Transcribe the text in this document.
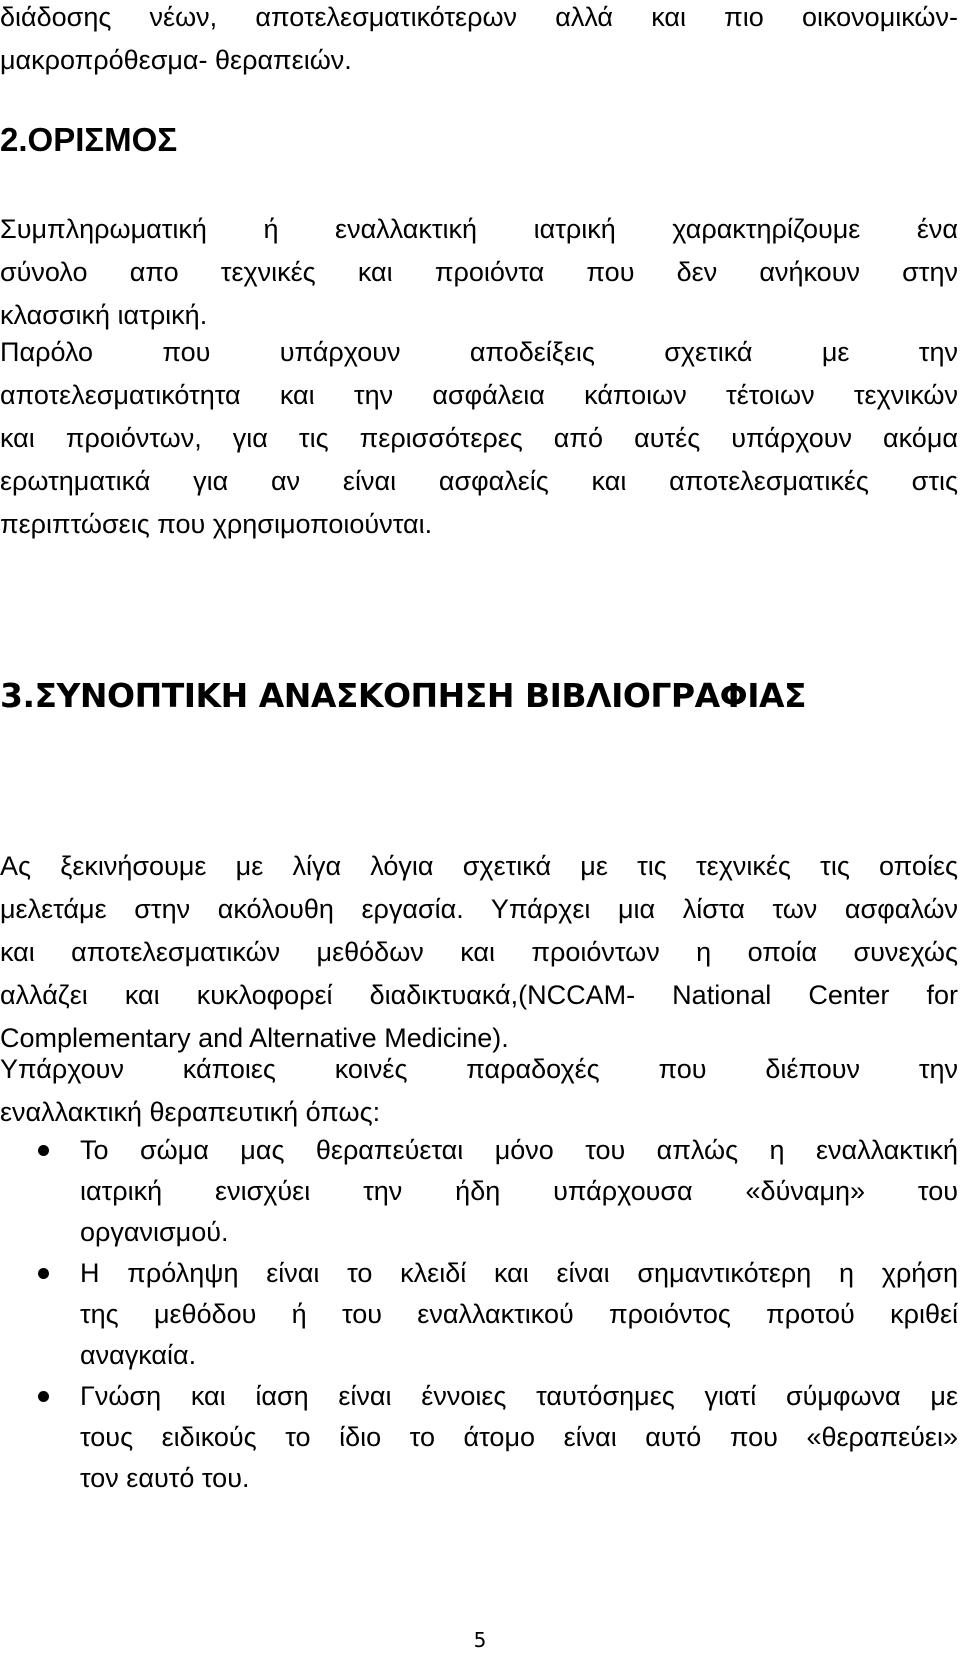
διάδοσης νέων, αποτελεσματικότερων αλλά και πιο οικονομικών-
μακροπρόθεσμα- θεραπειών.
2.ΟΡΙΣΜΟΣ
Συμπληρωματική ή εναλλακτική ιατρική χαρακτηρίζουμε ένα
σύνολο απο τεχνικές και προιόντα που δεν ανήκουν στην
κλασσική ιατρική.
Παρόλο που υπάρχουν αποδείξεις σχετικά με την
αποτελεσματικότητα και την ασφάλεια κάποιων τέτοιων τεχνικών
και προιόντων, για τις περισσότερες από αυτές υπάρχουν ακόμα
ερωτηματικά για αν είναι ασφαλείς και αποτελεσματικές στις
περιπτώσεις που χρησιμοποιούνται.
3.ΣΥΝΟΠΤΙΚΗ ΑΝΑΣΚΟΠΗΣΗ ΒΙΒΛΙΟΓΡΑΦΙΑΣ
Ας ξεκινήσουμε με λίγα λόγια σχετικά με τις τεχνικές τις οποίες
μελετάμε στην ακόλουθη εργασία. Υπάρχει μια λίστα των ασφαλών
και αποτελεσματικών μεθόδων και προιόντων η οποία συνεχώς
αλλάζει και κυκλοφορεί διαδικτυακά,(NCCAM- National Center for
Complementary and Alternative Medicine).
Υπάρχουν κάποιες κοινές παραδοχές που διέπουν την
εναλλακτική θεραπευτική όπως:
Το σώμα μας θεραπεύεται μόνο του απλώς η εναλλακτική
ιατρική ενισχύει την ήδη υπάρχουσα «δύναμη» του
οργανισμού.
Η πρόληψη είναι το κλειδί και είναι σημαντικότερη η χρήση
της μεθόδου ή του εναλλακτικού προιόντος προτού κριθεί
αναγκαία.
Γνώση και ίαση είναι έννοιες ταυτόσημες γιατί σύμφωνα με
τους ειδικούς το ίδιο το άτομο είναι αυτό που «θεραπεύει»
τον εαυτό του.
5
